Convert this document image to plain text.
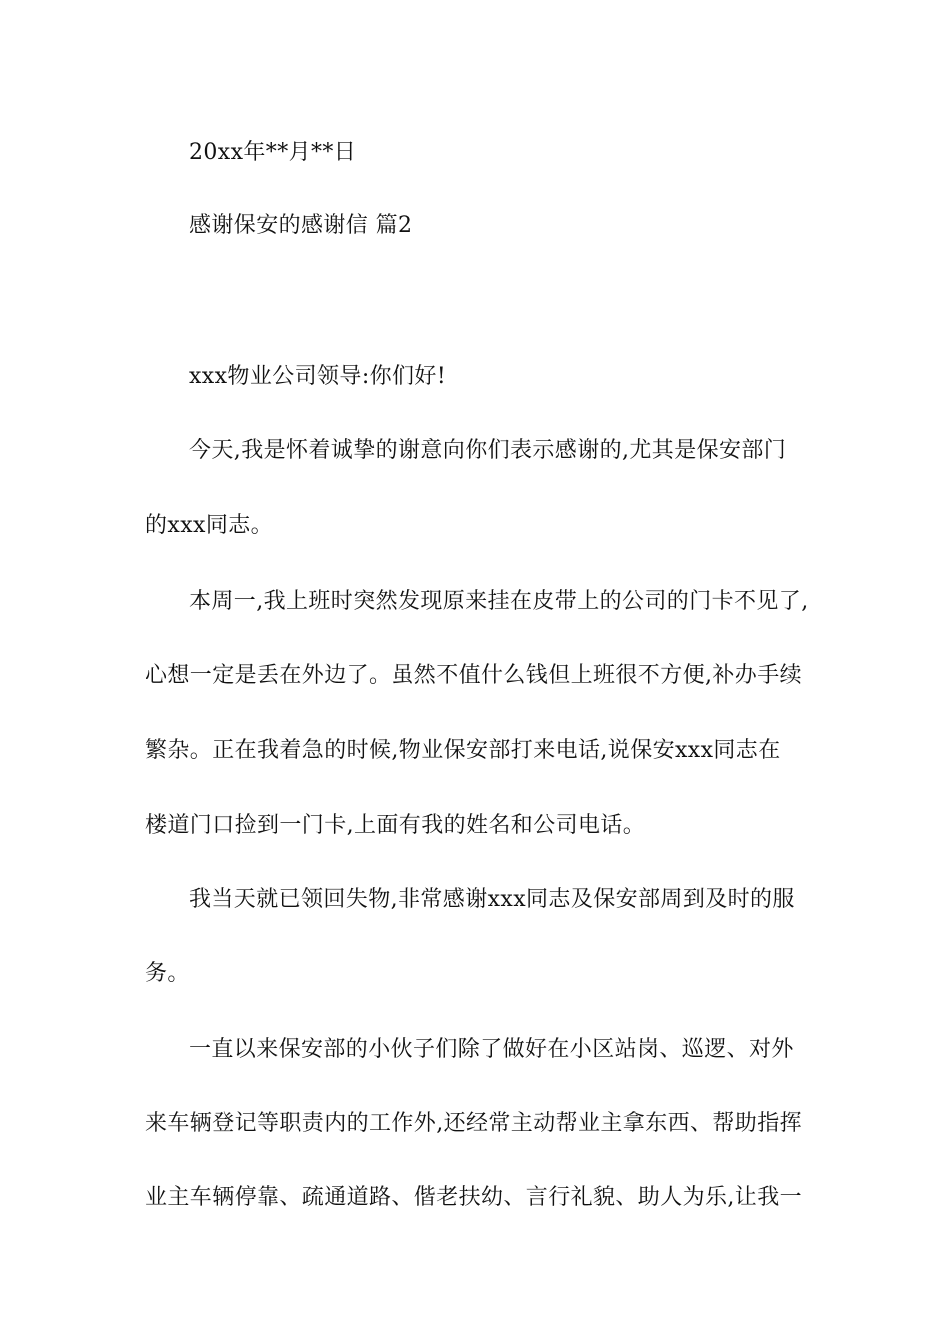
20xx年**月**日
感谢保安的感谢信 篇2
xxx物业公司领导:你们好!
今天,我是怀着诚挚的谢意向你们表示感谢的,尤其是保安部门
的xxx同志。
本周一,我上班时突然发现原来挂在皮带上的公司的门卡不见了,
心想一定是丢在外边了。虽然不值什么钱但上班很不方便,补办手续
繁杂。正在我着急的时候,物业保安部打来电话,说保安xxx同志在
楼道门口捡到一门卡,上面有我的姓名和公司电话。
我当天就已领回失物,非常感谢xxx同志及保安部周到及时的服
务。
一直以来保安部的小伙子们除了做好在小区站岗、巡逻、对外
来车辆登记等职责内的工作外,还经常主动帮业主拿东西、帮助指挥
业主车辆停靠、疏通道路、偕老扶幼、言行礼貌、助人为乐,让我一
